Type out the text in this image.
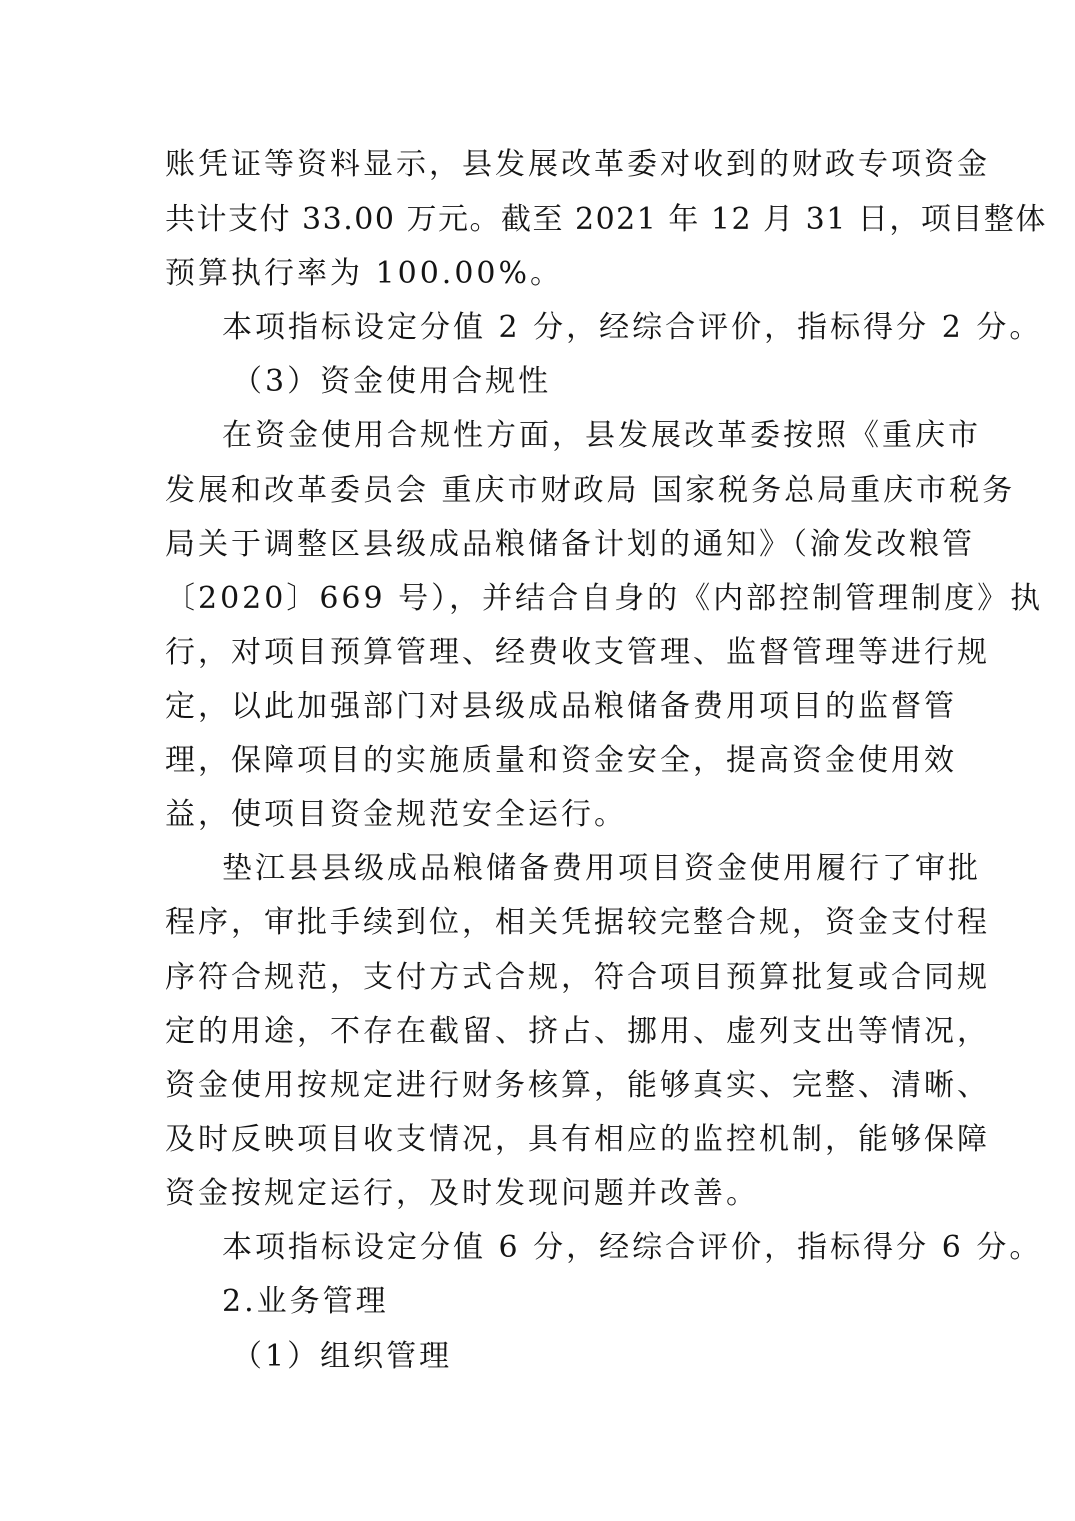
账凭证等资料显示，县发展改革委对收到的财政专项资金
共计支付 33.00 万元。截至 2021 年 12 月 31 日，项目整体
预算执行率为 100.00%。
本项指标设定分值 2 分，经综合评价，指标得分 2 分。
（3）资金使用合规性
在资金使用合规性方面，县发展改革委按照《重庆市
发展和改革委员会 重庆市财政局 国家税务总局重庆市税务
局关于调整区县级成品粮储备计划的通知》（渝发改粮管
〔2020〕669 号），并结合自身的《内部控制管理制度》执
行，对项目预算管理、经费收支管理、监督管理等进行规
定，以此加强部门对县级成品粮储备费用项目的监督管
理，保障项目的实施质量和资金安全，提高资金使用效
益，使项目资金规范安全运行。
垫江县县级成品粮储备费用项目资金使用履行了审批
程序，审批手续到位，相关凭据较完整合规，资金支付程
序符合规范，支付方式合规，符合项目预算批复或合同规
定的用途，不存在截留、挤占、挪用、虚列支出等情况，
资金使用按规定进行财务核算，能够真实、完整、清晰、
及时反映项目收支情况，具有相应的监控机制，能够保障
资金按规定运行，及时发现问题并改善。
本项指标设定分值 6 分，经综合评价，指标得分 6 分。
2.业务管理
（1）组织管理
